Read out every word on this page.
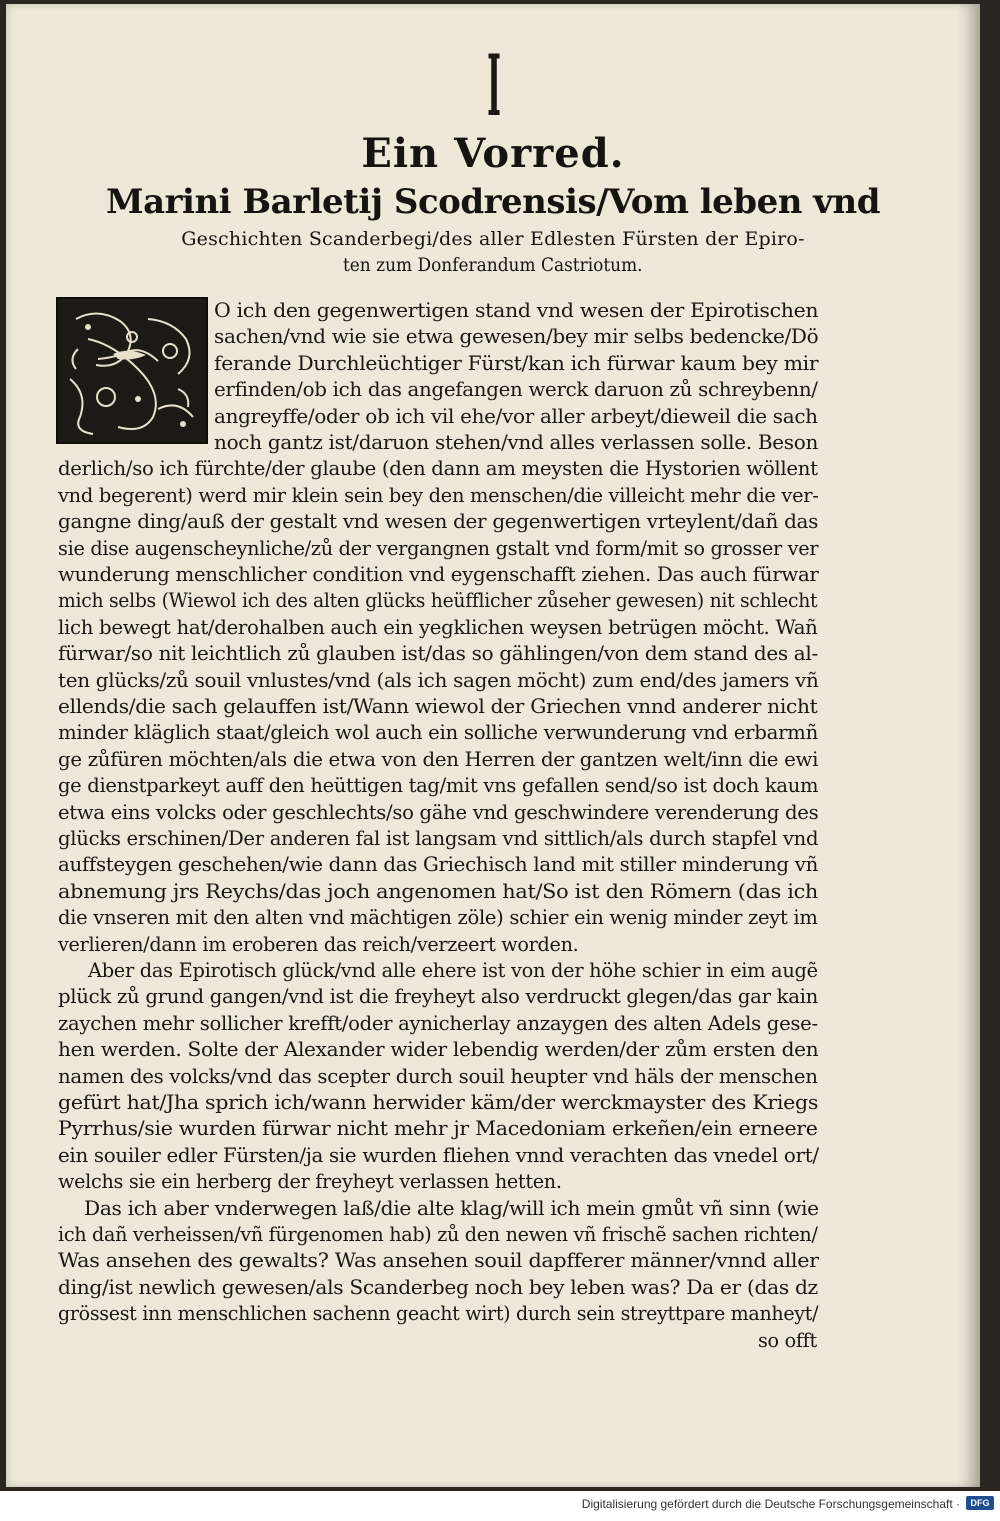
I
Ein Vorred.
Marini Barletij Scodrensis/Vom leben vnd
Geschichten Scanderbegi/des aller Edlesten Fürsten der Epiro-
ten zum Donferandum Castriotum.
O ich den gegenwertigen stand vnd wesen der Epirotischen
sachen/vnd wie sie etwa gewesen/bey mir selbs bedencke/Dö
ferande Durchleüchtiger Fürst/kan ich fürwar kaum bey mir
erfinden/ob ich das angefangen werck daruon zů schreybenn/
angreyffe/oder ob ich vil ehe/vor aller arbeyt/dieweil die sach
noch gantz ist/daruon stehen/vnd alles verlassen solle. Beson
derlich/so ich fürchte/der glaube (den dann am meysten die Hystorien wöllent
vnd begerent) werd mir klein sein bey den menschen/die villeicht mehr die ver-
gangne ding/auß der gestalt vnd wesen der gegenwertigen vrteylent/dañ das
sie dise augenscheynliche/zů der vergangnen gstalt vnd form/mit so grosser ver
wunderung menschlicher condition vnd eygenschafft ziehen. Das auch fürwar
mich selbs (Wiewol ich des alten glücks heüfflicher zůseher gewesen) nit schlecht
lich bewegt hat/derohalben auch ein yegklichen weysen betrügen möcht. Wañ
fürwar/so nit leichtlich zů glauben ist/das so gählingen/von dem stand des al-
ten glücks/zů souil vnlustes/vnd (als ich sagen möcht) zum end/des jamers vñ
ellends/die sach gelauffen ist/Wann wiewol der Griechen vnnd anderer nicht
minder kläglich staat/gleich wol auch ein solliche verwunderung vnd erbarmñ
ge zůfüren möchten/als die etwa von den Herren der gantzen welt/inn die ewi
ge dienstparkeyt auff den heüttigen tag/mit vns gefallen send/so ist doch kaum
etwa eins volcks oder geschlechts/so gähe vnd geschwindere verenderung des
glücks erschinen/Der anderen fal ist langsam vnd sittlich/als durch stapfel vnd
auffsteygen geschehen/wie dann das Griechisch land mit stiller minderung vñ
abnemung jrs Reychs/das joch angenomen hat/So ist den Römern (das ich
die vnseren mit den alten vnd mächtigen zöle) schier ein wenig minder zeyt im
verlieren/dann im eroberen das reich/verzeert worden.
Aber das Epirotisch glück/vnd alle ehere ist von der höhe schier in eim augẽ
plück zů grund gangen/vnd ist die freyheyt also verdruckt glegen/das gar kain
zaychen mehr sollicher krefft/oder aynicherlay anzaygen des alten Adels gese-
hen werden. Solte der Alexander wider lebendig werden/der zům ersten den
namen des volcks/vnd das scepter durch souil heupter vnd häls der menschen
gefürt hat/Jha sprich ich/wann herwider käm/der werckmayster des Kriegs
Pyrrhus/sie wurden fürwar nicht mehr jr Macedoniam erkeñen/ein erneere
ein souiler edler Fürsten/ja sie wurden fliehen vnnd verachten das vnedel ort/
welchs sie ein herberg der freyheyt verlassen hetten.
Das ich aber vnderwegen laß/die alte klag/will ich mein gmůt vñ sinn (wie
ich dañ verheissen/vñ fürgenomen hab) zů den newen vñ frischẽ sachen richten/
Was ansehen des gewalts? Was ansehen souil dapfferer männer/vnnd aller
ding/ist newlich gewesen/als Scanderbeg noch bey leben was? Da er (das dz
grössest inn menschlichen sachenn geacht wirt) durch sein streyttpare manheyt/
so offt
Digitalisierung gefördert durch die Deutsche Forschungsgemeinschaft ·	DFG
